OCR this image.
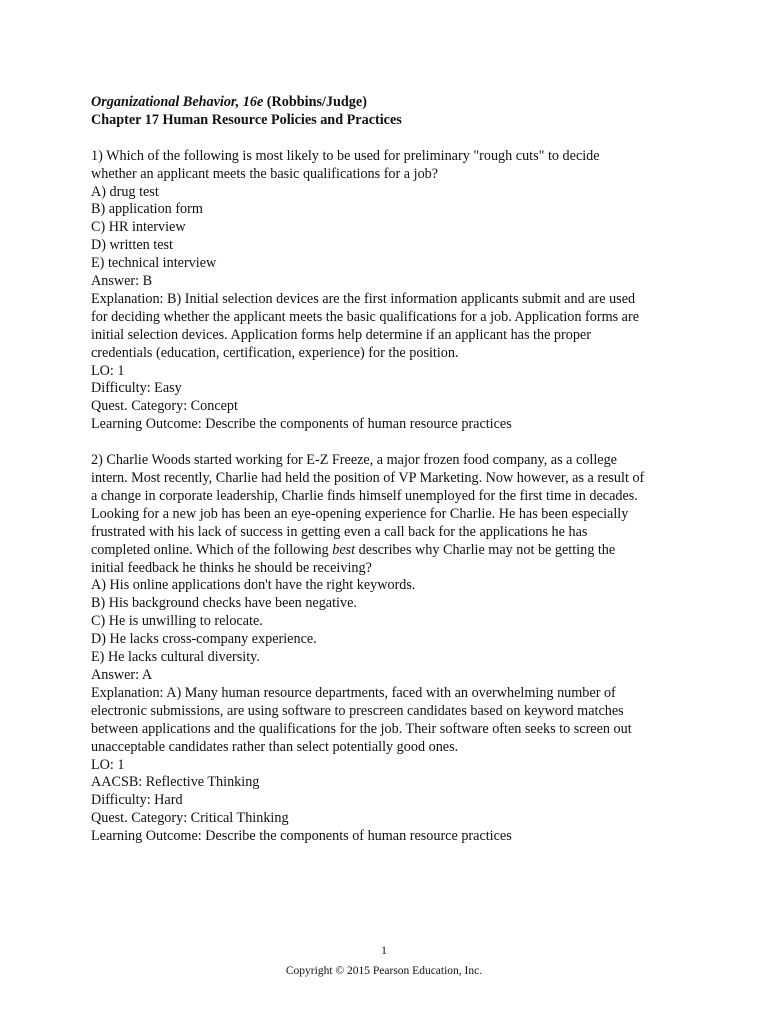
Organizational Behavior, 16e (Robbins/Judge)
Chapter 17 Human Resource Policies and Practices
1) Which of the following is most likely to be used for preliminary "rough cuts" to decide
whether an applicant meets the basic qualifications for a job?
A) drug test
B) application form
C) HR interview
D) written test
E) technical interview
Answer: B
Explanation: B) Initial selection devices are the first information applicants submit and are used
for deciding whether the applicant meets the basic qualifications for a job. Application forms are
initial selection devices. Application forms help determine if an applicant has the proper
credentials (education, certification, experience) for the position.
LO: 1
Difficulty: Easy
Quest. Category: Concept
Learning Outcome: Describe the components of human resource practices
2) Charlie Woods started working for E-Z Freeze, a major frozen food company, as a college
intern. Most recently, Charlie had held the position of VP Marketing. Now however, as a result of
a change in corporate leadership, Charlie finds himself unemployed for the first time in decades.
Looking for a new job has been an eye-opening experience for Charlie. He has been especially
frustrated with his lack of success in getting even a call back for the applications he has
completed online. Which of the following best describes why Charlie may not be getting the
initial feedback he thinks he should be receiving?
A) His online applications don't have the right keywords.
B) His background checks have been negative.
C) He is unwilling to relocate.
D) He lacks cross-company experience.
E) He lacks cultural diversity.
Answer: A
Explanation: A) Many human resource departments, faced with an overwhelming number of
electronic submissions, are using software to prescreen candidates based on keyword matches
between applications and the qualifications for the job. Their software often seeks to screen out
unacceptable candidates rather than select potentially good ones.
LO: 1
AACSB: Reflective Thinking
Difficulty: Hard
Quest. Category: Critical Thinking
Learning Outcome: Describe the components of human resource practices
1
Copyright © 2015 Pearson Education, Inc.
